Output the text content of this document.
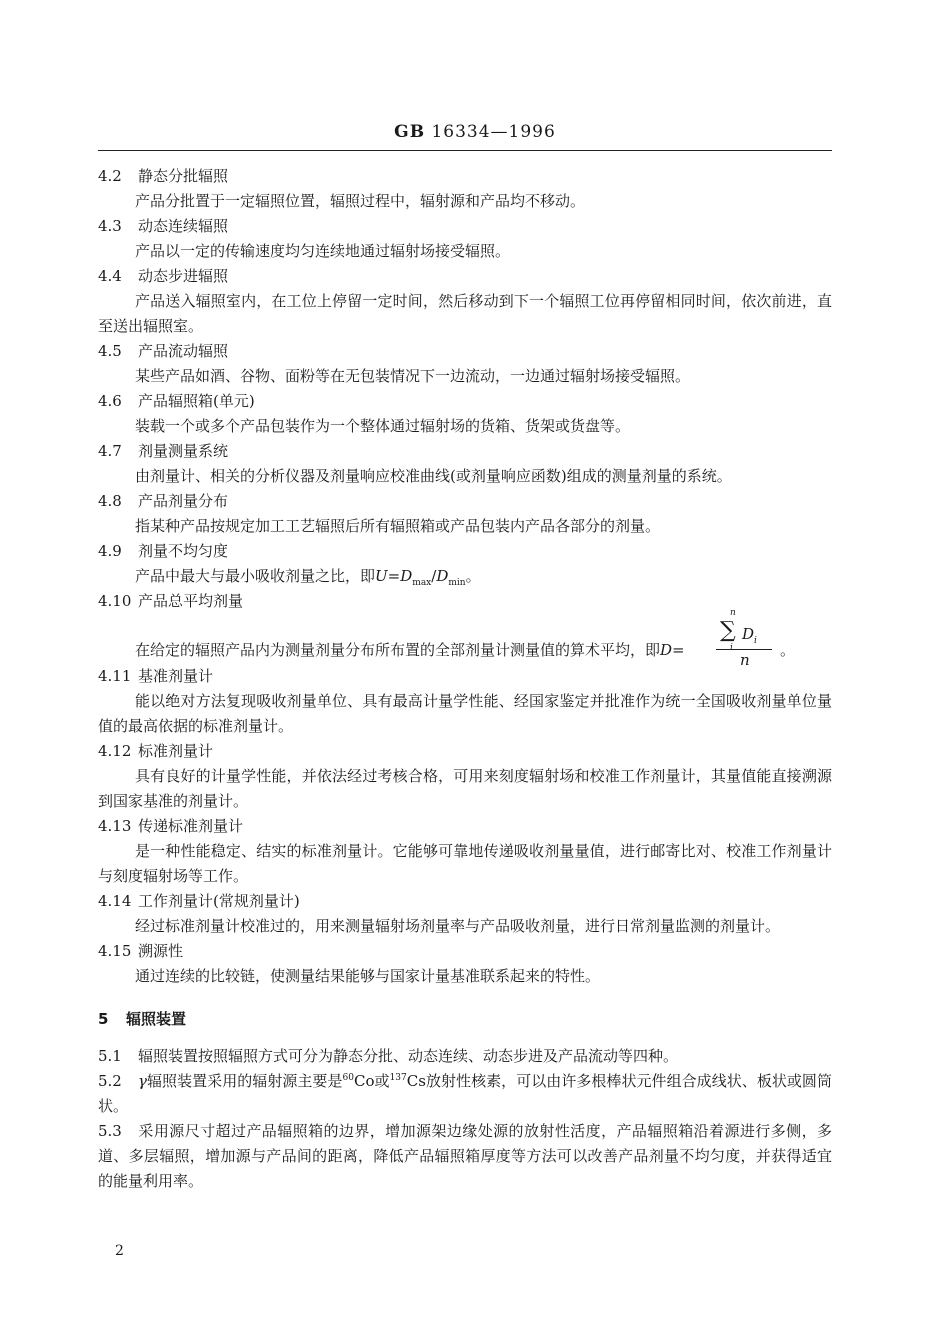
GB 16334—1996

4.2 静态分批辐照

产品分批置于一定辐照位置，辐照过程中，辐射源和产品均不移动。

4.3 动态连续辐照

产品以一定的传输速度均匀连续地通过辐射场接受辐照。

4.4 动态步进辐照

产品送入辐照室内，在工位上停留一定时间，然后移动到下一个辐照工位再停留相同时间，依次前进，直至送出辐照室。

4.5 产品流动辐照

某些产品如酒、谷物、面粉等在无包装情况下一边流动，一边通过辐射场接受辐照。

4.6 产品辐照箱(单元)

装载一个或多个产品包装作为一个整体通过辐射场的货箱、货架或货盘等。

4.7 剂量测量系统

由剂量计、相关的分析仪器及剂量响应校准曲线(或剂量响应函数)组成的测量剂量的系统。

4.8 产品剂量分布

指某种产品按规定加工工艺辐照后所有辐照箱或产品包装内产品各部分的剂量。

4.9 剂量不均匀度

产品中最大与最小吸收剂量之比，即$U=D_{max}/D_{min}$。

4.10 产品总平均剂量

在给定的辐照产品内为测量剂量分布所布置的全部剂量计测量值的算术平均，即D=
n
∑
i
$D_i$
n
。

4.11 基准剂量计

能以绝对方法复现吸收剂量单位、具有最高计量学性能、经国家鉴定并批准作为统一全国吸收剂量单位量值的最高依据的标准剂量计。

4.12 标准剂量计

具有良好的计量学性能，并依法经过考核合格，可用来刻度辐射场和校准工作剂量计，其量值能直接溯源到国家基准的剂量计。

4.13 传递标准剂量计

是一种性能稳定、结实的标准剂量计。它能够可靠地传递吸收剂量量值，进行邮寄比对、校准工作剂量计与刻度辐射场等工作。

4.14 工作剂量计(常规剂量计)

经过标准剂量计校准过的，用来测量辐射场剂量率与产品吸收剂量，进行日常剂量监测的剂量计。

4.15 溯源性

通过连续的比较链，使测量结果能够与国家计量基准联系起来的特性。

5 辐照装置

5.1 辐照装置按照辐照方式可分为静态分批、动态连续、动态步进及产品流动等四种。

5.2 γ辐照装置采用的辐射源主要是$^{60}$Co或$^{137}$Cs放射性核素，可以由许多根棒状元件组合成线状、板状或圆筒状。

5.3 采用源尺寸超过产品辐照箱的边界，增加源架边缘处源的放射性活度，产品辐照箱沿着源进行多侧，多道、多层辐照，增加源与产品间的距离，降低产品辐照箱厚度等方法可以改善产品剂量不均匀度，并获得适宜的能量利用率。

2
